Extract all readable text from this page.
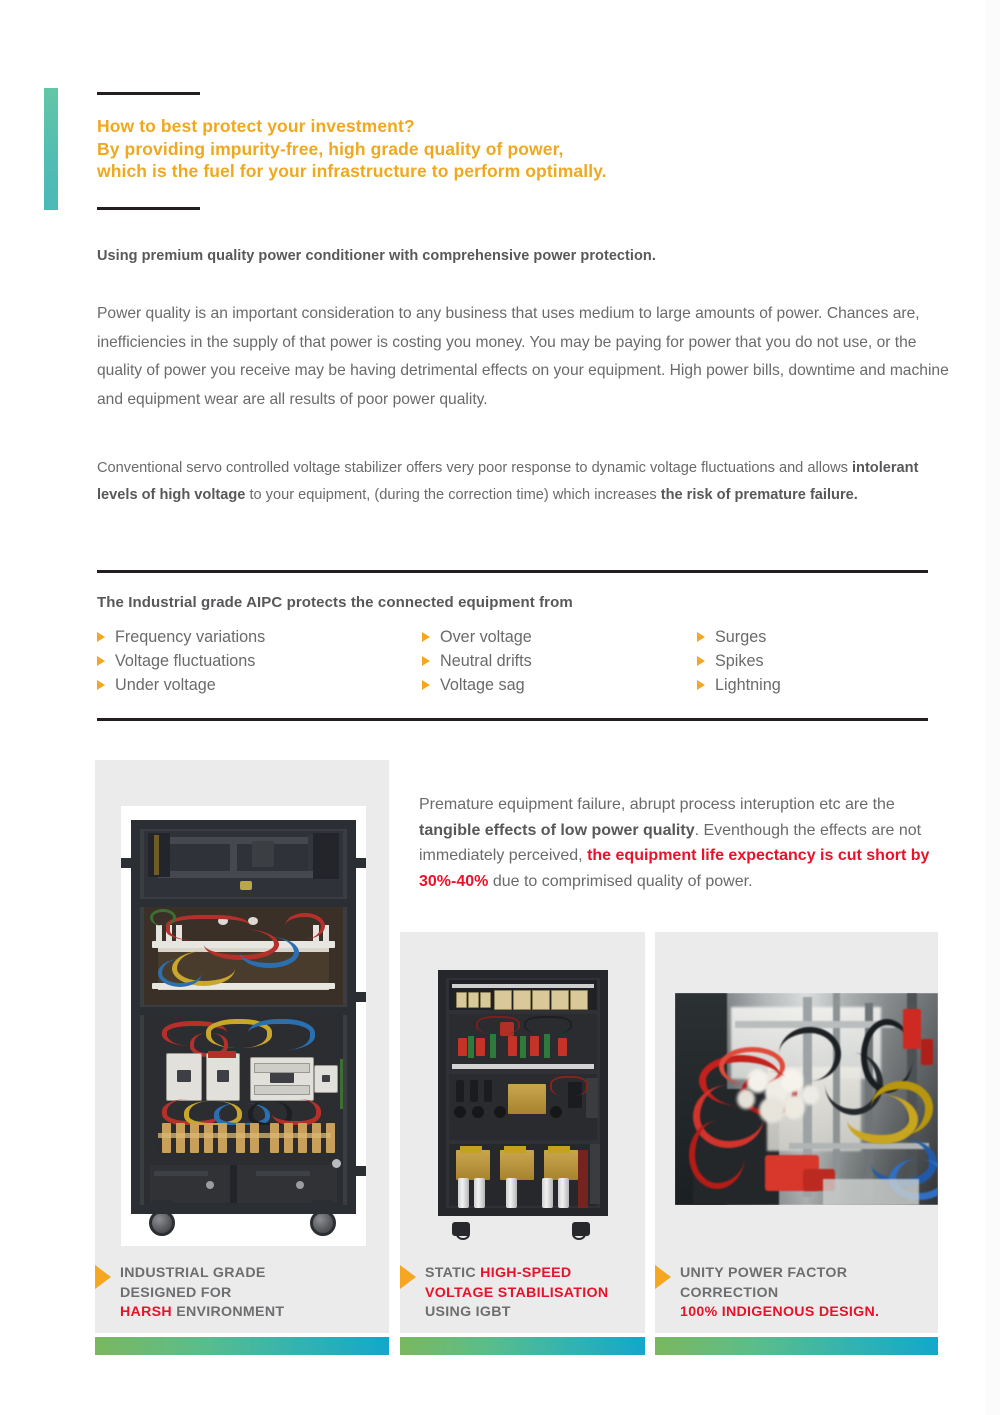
How to best protect your investment?
By providing impurity-free, high grade quality of power,
which is the fuel for your infrastructure to perform optimally.
Using premium quality power conditioner with comprehensive power protection.
Power quality is an important consideration to any business that uses medium to large amounts of power. Chances are, inefficiencies in the supply of that power is costing you money. You may be paying for power that you do not use, or the quality of power you receive may be having detrimental effects on your equipment. High power bills, downtime and machine and equipment wear are all results of poor power quality.
Conventional servo controlled voltage stabilizer offers very poor response to dynamic voltage fluctuations and allows intolerant levels of high voltage to your equipment, (during the correction time) which increases the risk of premature failure.
The Industrial grade AIPC protects the connected equipment from
Frequency variations	Over voltage	Surges
Voltage fluctuations	Neutral drifts	Spikes
Under voltage	Voltage sag	Lightning
Premature equipment failure, abrupt process interuption etc are the tangible effects of low power quality. Eventhough the effects are not immediately perceived, the equipment life expectancy is cut short by 30%-40% due to comprimised quality of power.
INDUSTRIAL GRADE
DESIGNED FOR
HARSH ENVIRONMENT
STATIC HIGH-SPEED
VOLTAGE STABILISATION
USING IGBT
UNITY POWER FACTOR
CORRECTION
100% INDIGENOUS DESIGN.
